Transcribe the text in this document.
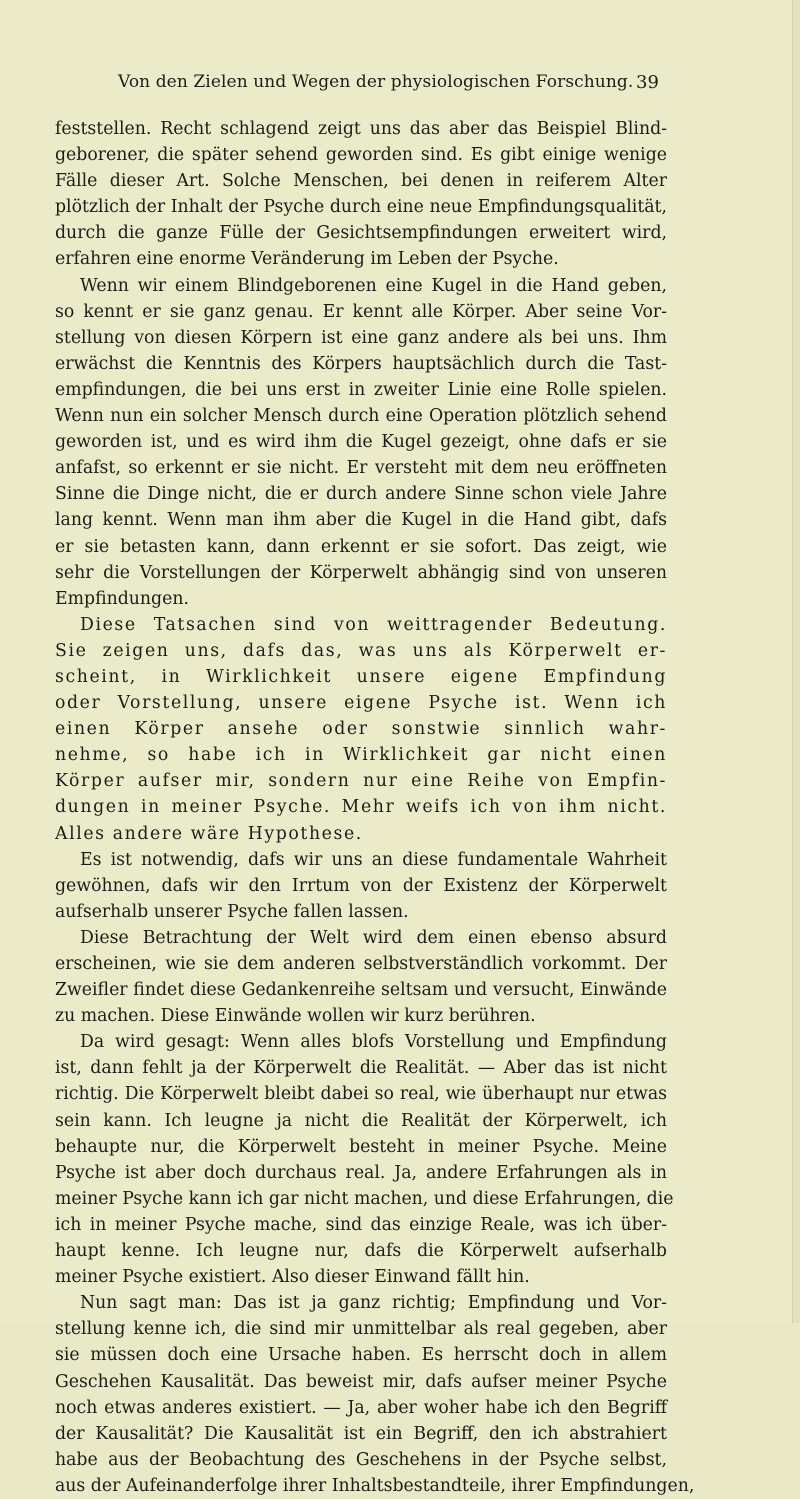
Von den Zielen und Wegen der physiologischen Forschung. 39
feststellen. Recht schlagend zeigt uns das aber das Beispiel Blind-
geborener, die später sehend geworden sind. Es gibt einige wenige
Fälle dieser Art. Solche Menschen, bei denen in reiferem Alter
plötzlich der Inhalt der Psyche durch eine neue Empfindungsqualität,
durch die ganze Fülle der Gesichtsempfindungen erweitert wird,
erfahren eine enorme Veränderung im Leben der Psyche.
Wenn wir einem Blindgeborenen eine Kugel in die Hand geben,
so kennt er sie ganz genau. Er kennt alle Körper. Aber seine Vor-
stellung von diesen Körpern ist eine ganz andere als bei uns. Ihm
erwächst die Kenntnis des Körpers hauptsächlich durch die Tast-
empfindungen, die bei uns erst in zweiter Linie eine Rolle spielen.
Wenn nun ein solcher Mensch durch eine Operation plötzlich sehend
geworden ist, und es wird ihm die Kugel gezeigt, ohne dafs er sie
anfafst, so erkennt er sie nicht. Er versteht mit dem neu eröffneten
Sinne die Dinge nicht, die er durch andere Sinne schon viele Jahre
lang kennt. Wenn man ihm aber die Kugel in die Hand gibt, dafs
er sie betasten kann, dann erkennt er sie sofort. Das zeigt, wie
sehr die Vorstellungen der Körperwelt abhängig sind von unseren
Empfindungen.
Diese Tatsachen sind von weittragender Bedeutung.
Sie zeigen uns, dafs das, was uns als Körperwelt er-
scheint, in Wirklichkeit unsere eigene Empfindung
oder Vorstellung, unsere eigene Psyche ist. Wenn ich
einen Körper ansehe oder sonstwie sinnlich wahr-
nehme, so habe ich in Wirklichkeit gar nicht einen
Körper aufser mir, sondern nur eine Reihe von Empfin-
dungen in meiner Psyche. Mehr weifs ich von ihm nicht.
Alles andere wäre Hypothese.
Es ist notwendig, dafs wir uns an diese fundamentale Wahrheit
gewöhnen, dafs wir den Irrtum von der Existenz der Körperwelt
aufserhalb unserer Psyche fallen lassen.
Diese Betrachtung der Welt wird dem einen ebenso absurd
erscheinen, wie sie dem anderen selbstverständlich vorkommt. Der
Zweifler findet diese Gedankenreihe seltsam und versucht, Einwände
zu machen. Diese Einwände wollen wir kurz berühren.
Da wird gesagt: Wenn alles blofs Vorstellung und Empfindung
ist, dann fehlt ja der Körperwelt die Realität. — Aber das ist nicht
richtig. Die Körperwelt bleibt dabei so real, wie überhaupt nur etwas
sein kann. Ich leugne ja nicht die Realität der Körperwelt, ich
behaupte nur, die Körperwelt besteht in meiner Psyche. Meine
Psyche ist aber doch durchaus real. Ja, andere Erfahrungen als in
meiner Psyche kann ich gar nicht machen, und diese Erfahrungen, die
ich in meiner Psyche mache, sind das einzige Reale, was ich über-
haupt kenne. Ich leugne nur, dafs die Körperwelt aufserhalb
meiner Psyche existiert. Also dieser Einwand fällt hin.
Nun sagt man: Das ist ja ganz richtig; Empfindung und Vor-
stellung kenne ich, die sind mir unmittelbar als real gegeben, aber
sie müssen doch eine Ursache haben. Es herrscht doch in allem
Geschehen Kausalität. Das beweist mir, dafs aufser meiner Psyche
noch etwas anderes existiert. — Ja, aber woher habe ich den Begriff
der Kausalität? Die Kausalität ist ein Begriff, den ich abstrahiert
habe aus der Beobachtung des Geschehens in der Psyche selbst,
aus der Aufeinanderfolge ihrer Inhaltsbestandteile, ihrer Empfindungen,
